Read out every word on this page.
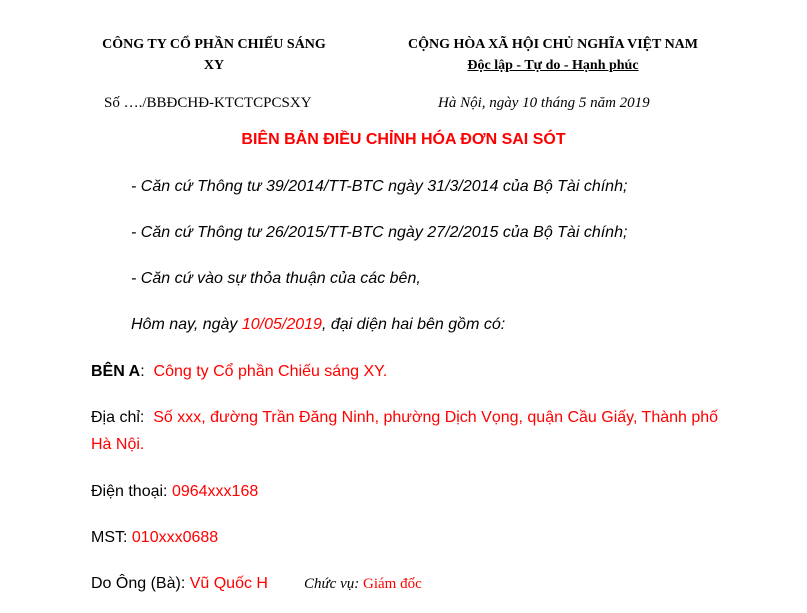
CÔNG TY CỔ PHẦN CHIẾU SÁNG
XY
CỘNG HÒA XÃ HỘI CHỦ NGHĨA VIỆT NAM
Độc lập - Tự do - Hạnh phúc
Số …./BBĐCHĐ-KTCTCPCSXY	Hà Nội, ngày 10 tháng 5 năm 2019
BIÊN BẢN ĐIỀU CHỈNH HÓA ĐƠN SAI SÓT
- Căn cứ Thông tư 39/2014/TT-BTC ngày 31/3/2014 của Bộ Tài chính;
- Căn cứ Thông tư 26/2015/TT-BTC ngày 27/2/2015 của Bộ Tài chính;
- Căn cứ vào sự thỏa thuận của các bên,
Hôm nay, ngày 10/05/2019, đại diện hai bên gồm có:
BÊN A: Công ty Cổ phần Chiếu sáng XY.
Địa chỉ: Số xxx, đường Trần Đăng Ninh, phường Dịch Vọng, quận Cầu Giấy, Thành phố
Hà Nội.
Điện thoại: 0964xxx168
MST: 010xxx0688
Do Ông (Bà): Vũ Quốc H Chức vụ: Giám đốc
